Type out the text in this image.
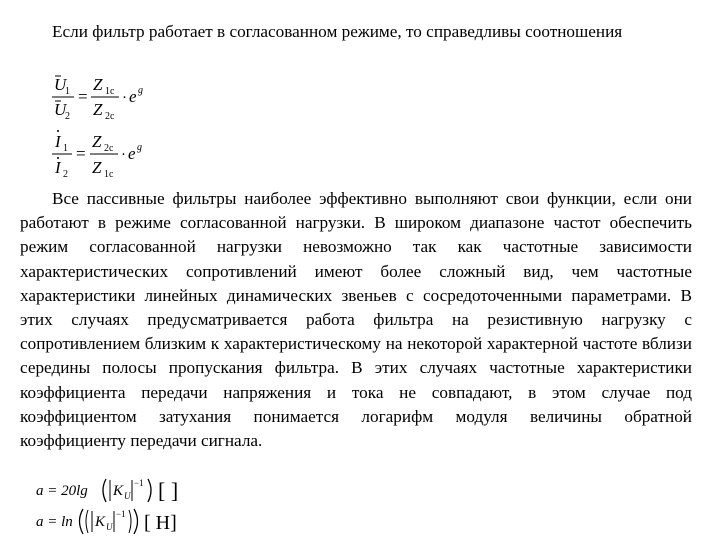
Если фильтр работает в согласованном режиме, то справедливы соотношения

U
1
U
2
=
Z 1c
Z 2c
· e g
I 1
I 2
=
Z 2c
Z 1c
· e g

Все пассивные фильтры наиболее эффективно выполняют свои функции, если они работают в режиме согласованной нагрузки. В широком диапазоне частот обеспечить режим согласованной нагрузки невозможно так как частотные зависимости характеристических сопротивлений имеют более сложный вид, чем частотные характеристики линейных динамических звеньев с сосредоточенными параметрами. В этих случаях предусматривается работа фильтра на резистивную нагрузку с сопротивлением близким к характеристическому на некоторой характерной частоте вблизи середины полосы пропускания фильтра. В этих случаях частотные характеристики коэффициента передачи напряжения и тока не совпадают, в этом случае под коэффициентом затухания понимается логарифм модуля величины обратной коэффициенту передачи сигнала.

a = 20lg K U
−1 [ ]
a = ln K U
−1 [ Н]
